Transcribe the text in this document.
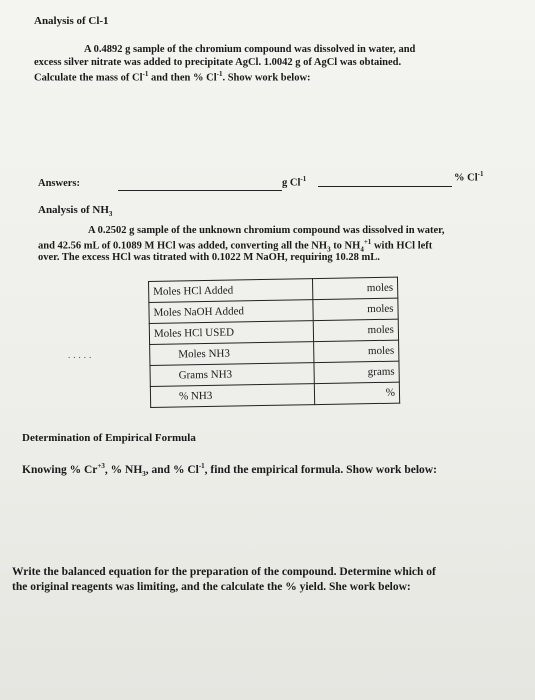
Analysis of Cl-1
A 0.4892 g sample of the chromium compound was dissolved in water, and
excess silver nitrate was added to precipitate AgCl. 1.0042 g of AgCl was obtained.
Calculate the mass of $Cl^{-1}$ and then % $Cl^{-1}$. Show work below:
Answers:	g $Cl^{-1}$	% $Cl^{-1}$
Analysis of $NH_3$
A 0.2502 g sample of the unknown chromium compound was dissolved in water,
and 42.56 mL of 0.1089 M HCl was added, converting all the $NH_3$ to $NH_4^{+1}$ with HCl left
over. The excess HCl was titrated with 0.1022 M NaOH, requiring 10.28 mL.
.....
Moles HCl Added	moles
Moles NaOH Added	moles
Moles HCl USED	moles
Moles NH3	moles
Grams NH3	grams
% NH3	%
Determination of Empirical Formula
Knowing % $Cr^{+3}$, % $NH_3$, and % $Cl^{-1}$, find the empirical formula. Show work below:
Write the balanced equation for the preparation of the compound. Determine which of
the original reagents was limiting, and the calculate the % yield. She work below:
